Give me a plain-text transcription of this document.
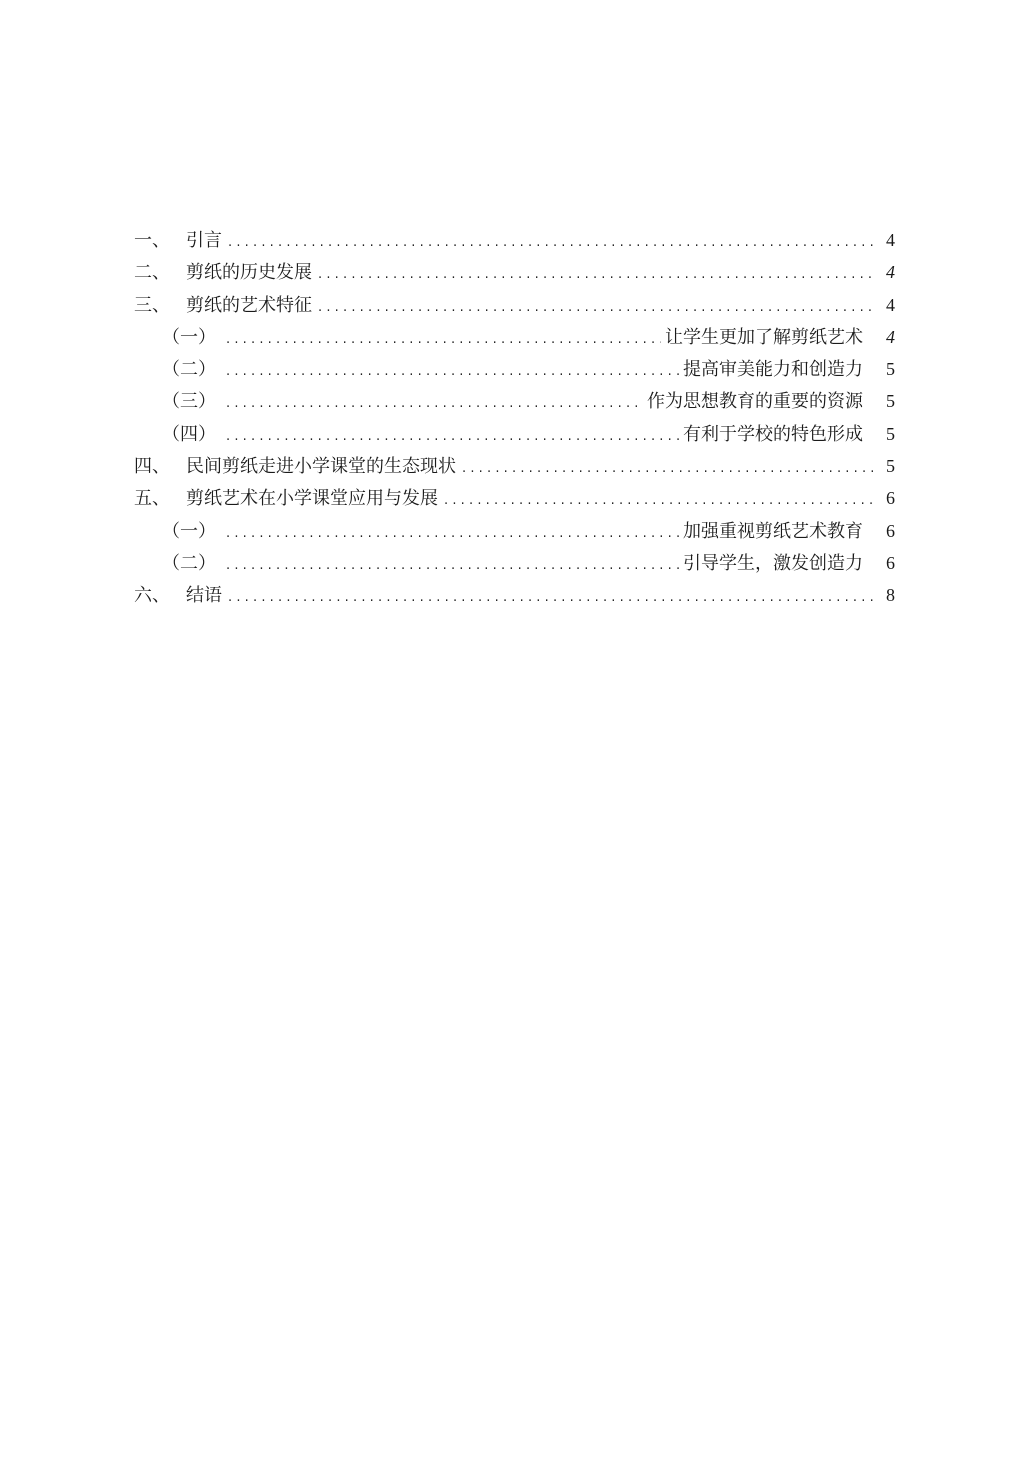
一、 引言 .....	4
二、 剪纸的历史发展 .....	4
三、 剪纸的艺术特征 .....	4
（一） .....	让学生更加了解剪纸艺术 4
（二） .....	提高审美能力和创造力 5
（三） .....	作为思想教育的重要的资源 5
（四） .....	有利于学校的特色形成 5
四、 民间剪纸走进小学课堂的生态现状 .....	5
五、 剪纸艺术在小学课堂应用与发展 .....	6
（一） .....	加强重视剪纸艺术教育 6
（二） .....	引导学生，激发创造力 6
六、 结语 .....	8
